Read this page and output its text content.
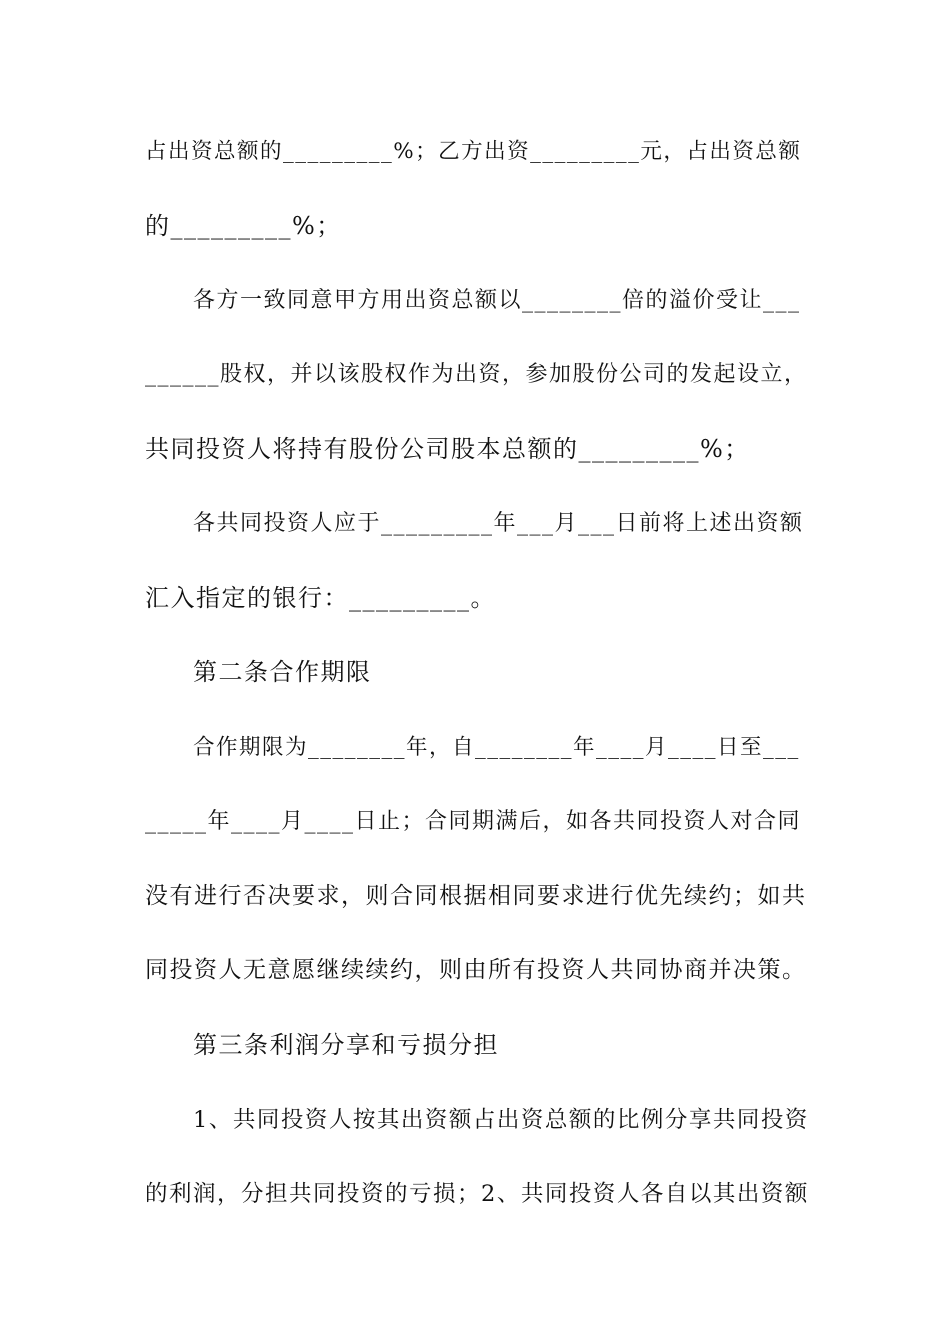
占出资总额的_________%；乙方出资_________元，占出资总额
的_________%；
各方一致同意甲方用出资总额以________倍的溢价受让___
______股权，并以该股权作为出资，参加股份公司的发起设立，
共同投资人将持有股份公司股本总额的_________%；
各共同投资人应于_________年___月___日前将上述出资额
汇入指定的银行：_________。
第二条合作期限
合作期限为________年，自________年____月____日至___
_____年____月____日止；合同期满后，如各共同投资人对合同
没有进行否决要求，则合同根据相同要求进行优先续约；如共
同投资人无意愿继续续约，则由所有投资人共同协商并决策。
第三条利润分享和亏损分担
1、共同投资人按其出资额占出资总额的比例分享共同投资
的利润，分担共同投资的亏损；2、共同投资人各自以其出资额
